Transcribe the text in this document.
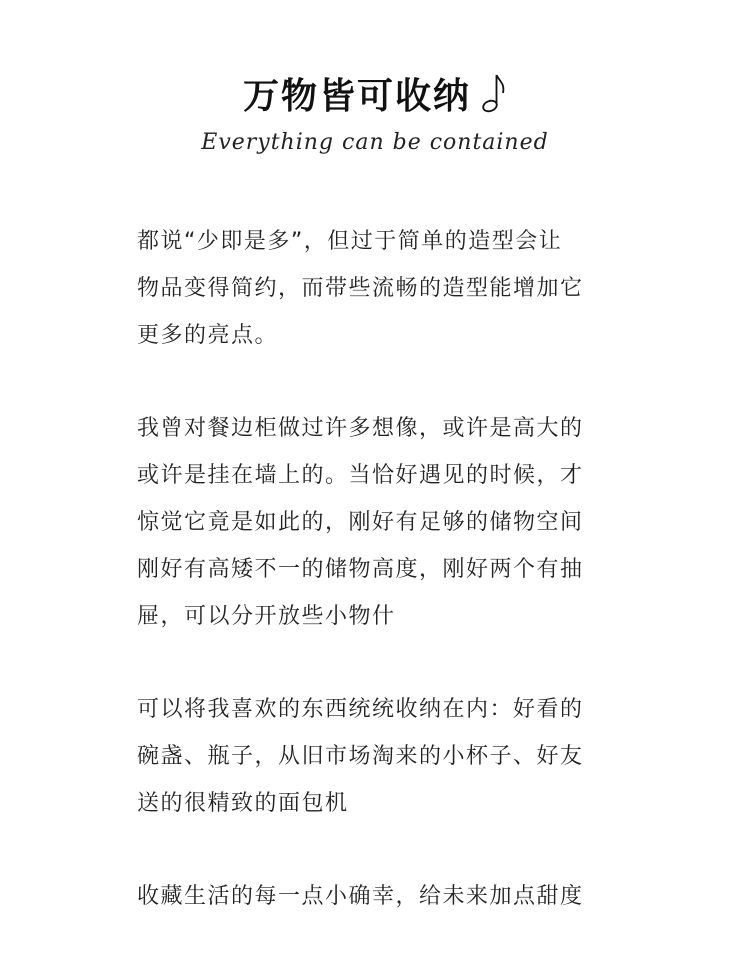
万物皆可收纳
Everything can be contained

都说“少即是多”，但过于简单的造型会让
物品变得简约，而带些流畅的造型能增加它
更多的亮点。

我曾对餐边柜做过许多想像，或许是高大的
或许是挂在墙上的。当恰好遇见的时候，才
惊觉它竟是如此的，刚好有足够的储物空间
刚好有高矮不一的储物高度，刚好两个有抽
屉，可以分开放些小物什

可以将我喜欢的东西统统收纳在内：好看的
碗盏、瓶子，从旧市场淘来的小杯子、好友
送的很精致的面包机

收藏生活的每一点小确幸，给未来加点甜度
